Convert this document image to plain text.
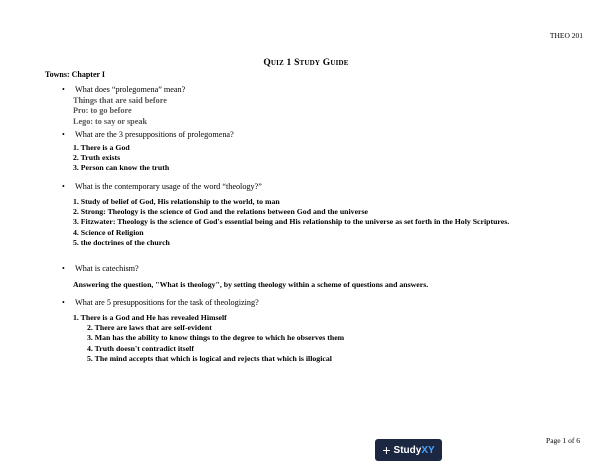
THEO 201
Quiz 1 Study Guide
Towns: Chapter I
• What does “prolegomena” mean?
Things that are said before
Pro: to go before
Lego: to say or speak
• What are the 3 presuppositions of prolegomena?
1. There is a God
2. Truth exists
3. Person can know the truth
• What is the contemporary usage of the word “theology?”
1. Study of belief of God, His relationship to the world, to man
2. Strong: Theology is the science of God and the relations between God and the universe
3. Fitzwater: Theology is the science of God's essential being and His relationship to the universe as set forth in the Holy Scriptures.
4. Science of Religion
5. the doctrines of the church
• What is catechism?
Answering the question, "What is theology", by setting theology within a scheme of questions and answers.
• What are 5 presuppositions for the task of theologizing?
1. There is a God and He has revealed Himself
2. There are laws that are self-evident
3. Man has the ability to know things to the degree to which he observes them
4. Truth doesn't contradict itself
5. The mind accepts that which is logical and rejects that which is illogical
+ Study XY
Page 1 of 6
